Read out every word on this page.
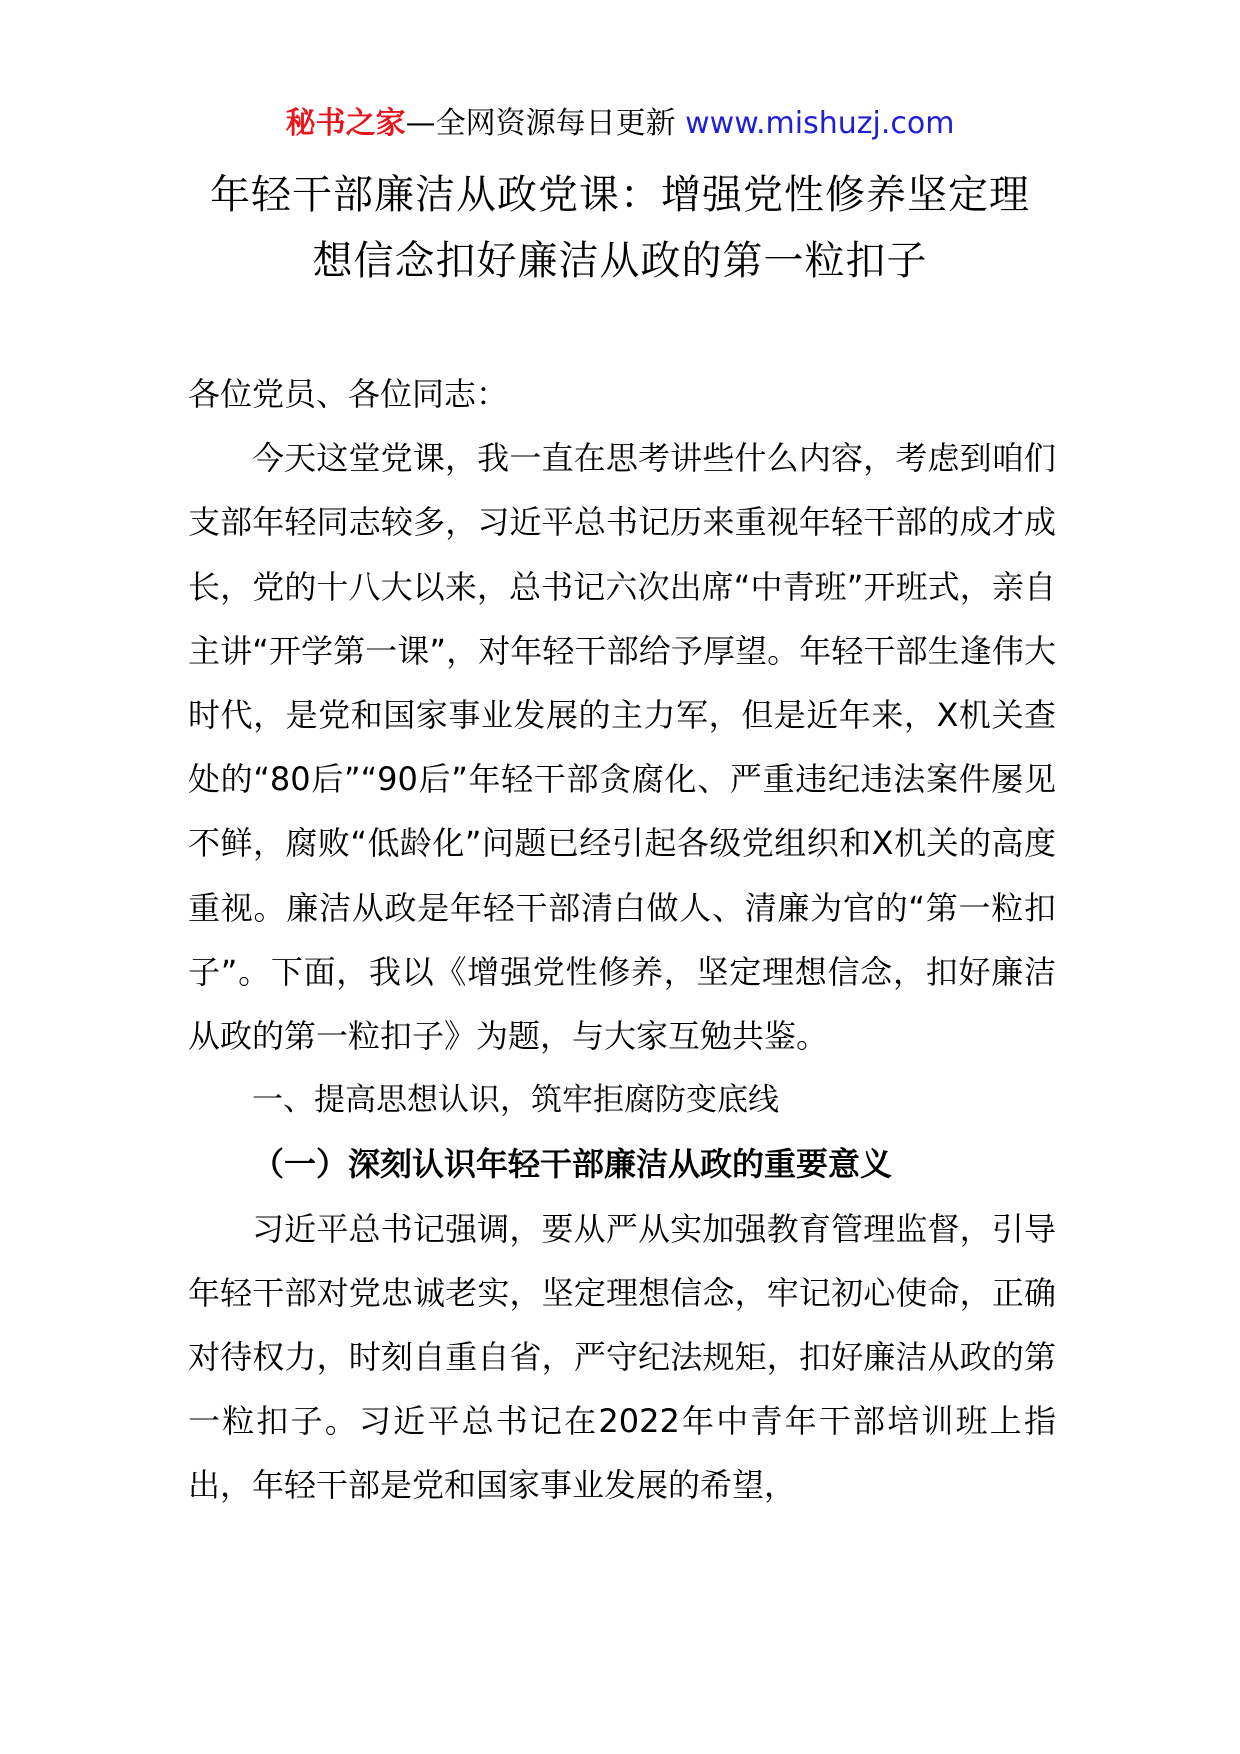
秘书之家—全网资源每日更新 www.mishuzj.com
年轻干部廉洁从政党课：增强党性修养坚定理
想信念扣好廉洁从政的第一粒扣子

各位党员、各位同志：

今天这堂党课，我一直在思考讲些什么内容，考虑到咱们支部年轻同志较多，习近平总书记历来重视年轻干部的成才成长，党的十八大以来，总书记六次出席“中青班”开班式，亲自主讲“开学第一课”，对年轻干部给予厚望。年轻干部生逢伟大时代，是党和国家事业发展的主力军，但是近年来，X机关查处的“80后”“90后”年轻干部贪腐化、严重违纪违法案件屡见不鲜，腐败“低龄化”问题已经引起各级党组织和X机关的高度重视。廉洁从政是年轻干部清白做人、清廉为官的“第一粒扣子”。下面，我以《增强党性修养，坚定理想信念，扣好廉洁从政的第一粒扣子》为题，与大家互勉共鉴。

一、提高思想认识，筑牢拒腐防变底线

（一）深刻认识年轻干部廉洁从政的重要意义

习近平总书记强调，要从严从实加强教育管理监督，引导年轻干部对党忠诚老实，坚定理想信念，牢记初心使命，正确对待权力，时刻自重自省，严守纪法规矩，扣好廉洁从政的第一粒扣子。习近平总书记在2022年中青年干部培训班上指出，年轻干部是党和国家事业发展的希望，
